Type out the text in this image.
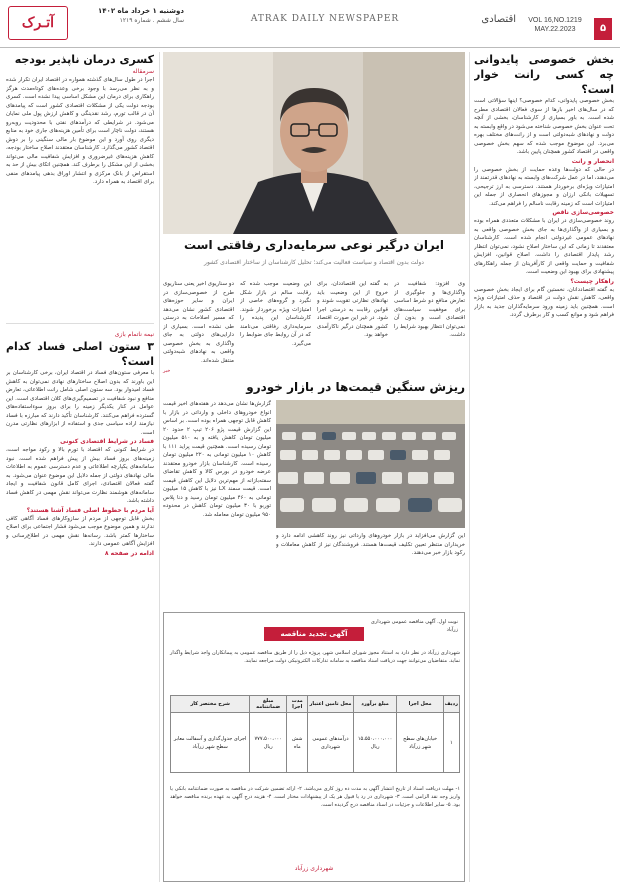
آتـرک
دوشنبه ۱ خرداد ماه ۱۴۰۲
سال ششم . شماره ۱۲۱۹	ATRAK DAILY NEWSPAPER	اقتصادی	VOL 16,NO.1219
MAY.22.2023	۵
کسری درمان ناپذیر بودجه
سرمقاله

اجرا در طول سال‌های گذشته همواره در اقتصاد ایران تکرار شده و به نظر می‌رسد با وجود برخی وعده‌های کوتاه‌مدت هرگز راهکاری برای درمان این مشکل اساسی پیدا نشده است. کسری بودجه دولت یکی از مشکلات اقتصادی کشور است که پیامدهای آن در قالب تورم، رشد نقدینگی و کاهش ارزش پول ملی نمایان می‌شود. در شرایطی که درآمدهای نفتی با محدودیت روبه‌رو هستند، دولت ناچار است برای تأمین هزینه‌های جاری خود به منابع دیگری روی آورد و این موضوع بار مالی سنگینی را بر دوش اقتصاد کشور می‌گذارد. کارشناسان معتقدند اصلاح ساختار بودجه، کاهش هزینه‌های غیرضروری و افزایش شفافیت مالی می‌تواند بخشی از این مشکل را برطرف کند. همچنین اتکای بیش از حد به استقراض از بانک مرکزی و انتشار اوراق بدهی پیامدهای منفی برای اقتصاد به همراه دارد.

نیمه ناتمام بازی
۳ ستون اصلی فساد کدام است؟

با معرفی ستون‌های فساد در اقتصاد ایران، برخی کارشناسان بر این باورند که بدون اصلاح ساختارهای نهادی نمی‌توان به کاهش فساد امیدوار بود. سه ستون اصلی شامل رانت اطلاعاتی، تعارض منافع و نبود شفافیت در تصمیم‌گیری‌های کلان اقتصادی است. این عوامل در کنار یکدیگر زمینه را برای بروز سوءاستفاده‌های گسترده فراهم می‌کنند. کارشناسان تأکید دارند که مبارزه با فساد نیازمند اراده سیاسی جدی و استفاده از ابزارهای نظارتی مدرن است.

فساد در شرایط اقتصادی کنونی

در شرایط کنونی که اقتصاد با تورم بالا و رکود مواجه است، زمینه‌های بروز فساد بیش از پیش فراهم شده است. نبود سامانه‌های یکپارچه اطلاعاتی و عدم دسترسی عموم به اطلاعات مالی نهادهای دولتی از جمله دلایل این موضوع عنوان می‌شود. به گفته فعالان اقتصادی، اجرای کامل قانون شفافیت و ایجاد سامانه‌های هوشمند نظارت می‌تواند نقش مهمی در کاهش فساد داشته باشد.

آیا مردم با خطوط اصلی فساد آشنا هستند؟

بخش قابل توجهی از مردم از سازوکارهای فساد آگاهی کافی ندارند و همین موضوع موجب می‌شود فشار اجتماعی برای اصلاح ساختارها کمتر باشد. رسانه‌ها نقش مهمی در اطلاع‌رسانی و افزایش آگاهی عمومی دارند.

ادامه در صفحه ۸
ایران درگیر نوعی سرمایه‌داری رفاقتی است
دولت بدون اقتصاد و سیاست فعالیت می‌کند؛ تحلیل کارشناسان از ساختار اقتصادی کشور
دو سناریوی اخیر یعنی سناریوی طرح از خصوصی‌سازی در ایران و سایر حوزه‌های اقتصادی کشور نشان می‌دهد که مسیر اصلاحات به درستی طی نشده است. بسیاری از دارایی‌های دولتی به جای واگذاری به بخش خصوصی واقعی به نهادهای شبه‌دولتی منتقل شده‌اند.
این وضعیت موجب شده که رقابت سالم در بازار شکل نگیرد و گروه‌های خاصی از امتیازات ویژه برخوردار شوند. کارشناسان این پدیده را سرمایه‌داری رفاقتی می‌نامند که در آن روابط جای ضوابط را می‌گیرد.
به گفته این اقتصاددان، برای خروج از این وضعیت باید نهادهای نظارتی تقویت شوند و قوانین رقابت به درستی اجرا شود. در غیر این صورت اقتصاد کشور همچنان درگیر ناکارآمدی خواهد بود.
وی افزود: شفافیت در واگذاری‌ها و جلوگیری از تعارض منافع دو شرط اساسی برای موفقیت سیاست‌های اقتصادی است و بدون آن نمی‌توان انتظار بهبود شرایط را داشت.
خبر
ریزش سنگین قیمت‌ها در بازار خودرو
گزارش‌ها نشان می‌دهد در هفته‌های اخیر قیمت انواع خودروهای داخلی و وارداتی در بازار با کاهش قابل توجهی همراه بوده است. بر اساس این گزارش قیمت پژو ۲۰۶ تیپ ۲ حدود ۲۰ میلیون تومان کاهش یافته و به ۵۱۰ میلیون تومان رسیده است. همچنین قیمت پراید ۱۱۱ با کاهش ۱۰ میلیون تومانی به ۲۲۰ میلیون تومان رسیده است. کارشناسان بازار خودرو معتقدند عرضه خودرو در بورس کالا و کاهش تقاضای سفته‌بازانه از مهم‌ترین دلایل این کاهش قیمت است. قیمت سمند LX نیز با کاهش ۱۵ میلیون تومانی به ۴۶۰ میلیون تومان رسید و دنا پلاس توربو با ۳۰ میلیون تومان کاهش در محدوده ۹۵۰ میلیون تومان معامله شد.
این گزارش می‌افزاید در بازار خودروهای وارداتی نیز روند کاهشی ادامه دارد و خریداران منتظر تعیین تکلیف قیمت‌ها هستند. فروشندگان نیز از کاهش معاملات و رکود بازار خبر می‌دهند.
نوبت اول. آگهی مناقصه عمومی شهرداری زرآباد
آگهی تجدید مناقصه
شهرداری زرآباد در نظر دارد به استناد مجوز شورای اسلامی شهر، پروژه ذیل را از طریق مناقصه عمومی به پیمانکاران واجد شرایط واگذار نماید. متقاضیان می‌توانند جهت دریافت اسناد مناقصه به سامانه تدارکات الکترونیکی دولت مراجعه نمایند.
ردیف	محل اجرا	مبلغ برآورد	محل تامین اعتبار	مدت اجرا	مبلغ ضمانتنامه	شرح مختصر کار
۱	خیابان‌های سطح شهر زرآباد	۱۵،۵۵۰،۰۰۰،۰۰۰ ریال	درآمدهای عمومی شهرداری	شش ماه	۷۷۷،۵۰۰،۰۰۰ ریال	اجرای جدول‌گذاری و آسفالت معابر سطح شهر زرآباد
۱- مهلت دریافت اسناد از تاریخ انتشار آگهی به مدت ده روز کاری می‌باشد. ۲- ارائه تضمین شرکت در مناقصه به صورت ضمانتنامه بانکی یا واریز وجه نقد الزامی است. ۳- شهرداری در رد یا قبول هر یک از پیشنهادات مختار است. ۴- هزینه درج آگهی به عهده برنده مناقصه خواهد بود. ۵- سایر اطلاعات و جزئیات در اسناد مناقصه درج گردیده است.
شهرداری زرآباد
بخش خصوصی پایدوانی چه کسی رانت خوار است؟

بخش خصوصی پایدوانی، کدام خصوصی؟ اینها سؤالاتی است که در سال‌های اخیر بارها از سوی فعالان اقتصادی مطرح شده است. به باور بسیاری از کارشناسان، بخشی از آنچه تحت عنوان بخش خصوصی شناخته می‌شود در واقع وابسته به دولت و نهادهای شبه‌دولتی است و از رانت‌های مختلف بهره می‌برد. این موضوع موجب شده که سهم بخش خصوصی واقعی در اقتصاد کشور همچنان پایین باشد.

انحصار و رانت

در حالی که دولت‌ها وعده حمایت از بخش خصوصی را می‌دهند، اما در عمل شرکت‌های وابسته به نهادهای قدرتمند از امتیازات ویژه‌ای برخوردار هستند. دسترسی به ارز ترجیحی، تسهیلات بانکی ارزان و مجوزهای انحصاری از جمله این امتیازات است که زمینه رقابت ناسالم را فراهم می‌کند.

خصوصی‌سازی ناقص

روند خصوصی‌سازی در ایران با مشکلات متعددی همراه بوده و بسیاری از واگذاری‌ها به جای بخش خصوصی واقعی به نهادهای عمومی غیردولتی انجام شده است. کارشناسان معتقدند تا زمانی که این ساختار اصلاح نشود، نمی‌توان انتظار رشد پایدار اقتصادی را داشت. اصلاح قوانین، افزایش شفافیت و حمایت واقعی از کارآفرینان از جمله راهکارهای پیشنهادی برای بهبود این وضعیت است.

راهکار چیست؟

به گفته اقتصاددانان، نخستین گام برای ایجاد بخش خصوصی واقعی، کاهش نقش دولت در اقتصاد و حذف امتیازات ویژه است. همچنین باید زمینه ورود سرمایه‌گذاران جدید به بازار فراهم شود و موانع کسب و کار برطرف گردد.
